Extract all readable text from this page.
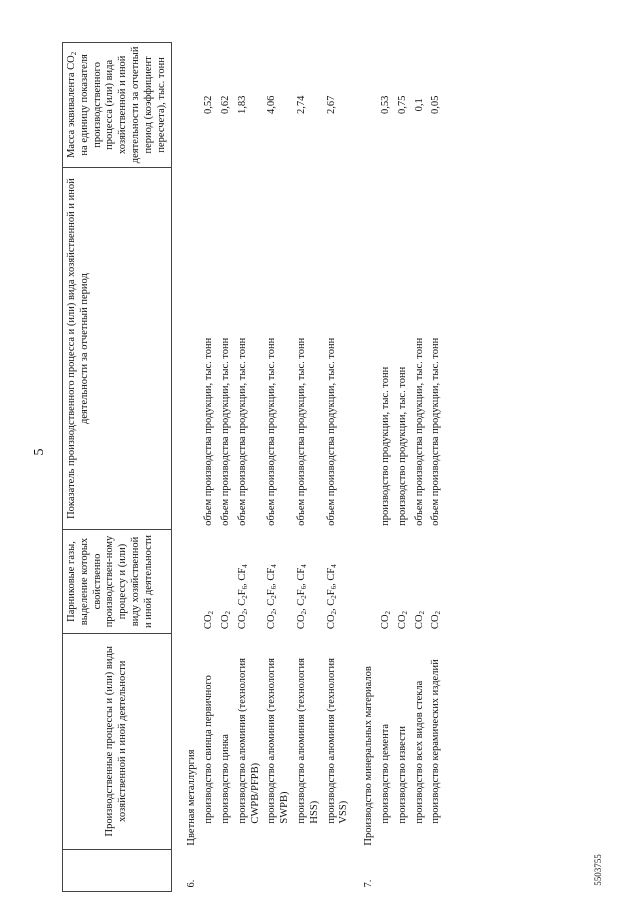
5
5503755
	Производственные процессы и (или) виды хозяйственной и иной деятельности	Парниковые газы, выделение которых свойственно производствен-ному процессу и (или) виду хозяйственной и иной деятельности	Показатель производственного процесса и (или) вида хозяйственной и иной деятельности за отчетный период	Масса эквивалента $CO_2$ на единицу показателя производственного процесса (или) вида хозяйственной и иной деятельности за отчетный период (коэффициент пересчета), тыс. тонн
6.	Цветная металлургия			
	производство свинца первичного	$CO_2$	объем производства продукции, тыс. тонн	0,52
	производство цинка	$CO_2$	объем производства продукции, тыс. тонн	0,62
	производство алюминия (технология CWPB/PFPB)	$CO_2$, $C_2F_6$, $CF_4$	объем производства продукции, тыс. тонн	1,83
	производство алюминия (технология SWPB)	$CO_2$, $C_2F_6$, $CF_4$	объем производства продукции, тыс. тонн	4,06
	производство алюминия (технология HSS)	$CO_2$, $C_2F_6$, $CF_4$	объем производства продукции, тыс. тонн	2,74
	производство алюминия (технология VSS)	$CO_2$, $C_2F_6$, $CF_4$	объем производства продукции, тыс. тонн	2,67
7.	Производство минеральных материалов			
	производство цемента	$CO_2$	производство продукции, тыс. тонн	0,53
	производство извести	$CO_2$	производство продукции, тыс. тонн	0,75
	производство всех видов стекла	$CO_2$	объем производства продукции, тыс. тонн	0,1
	производство керамических изделий	$CO_2$	объем производства продукции, тыс. тонн	0,05
